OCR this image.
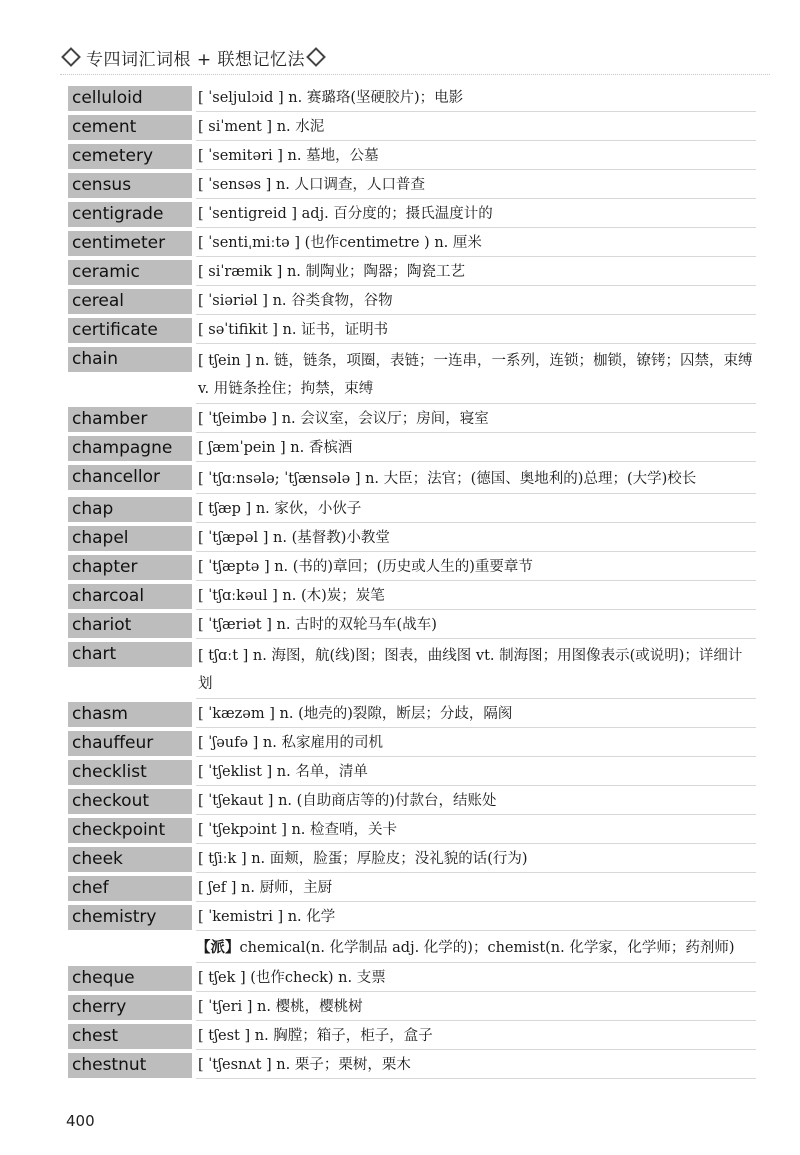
专四词汇词根 + 联想记忆法
celluloid	[ ˈseljulɔid ] n. 赛璐珞(坚硬胶片)；电影
cement	[ siˈment ] n. 水泥
cemetery	[ ˈsemitəri ] n. 墓地，公墓
census	[ ˈsensəs ] n. 人口调查，人口普查
centigrade	[ ˈsentigreid ] adj. 百分度的；摄氏温度计的
centimeter	[ ˈsentiˌmiːtə ] (也作centimetre ) n. 厘米
ceramic	[ siˈræmik ] n. 制陶业；陶器；陶瓷工艺
cereal	[ ˈsiəriəl ] n. 谷类食物，谷物
certificate	[ səˈtifikit ] n. 证书，证明书
chain	[ tʃein ] n. 链，链条，项圈，表链；一连串，一系列，连锁；枷锁，镣铐；囚禁，束缚 v. 用链条拴住；拘禁，束缚
chamber	[ ˈtʃeimbə ] n. 会议室，会议厅；房间，寝室
champagne	[ ʃæmˈpein ] n. 香槟酒
chancellor	[ ˈtʃɑːnsələ; ˈtʃænsələ ] n. 大臣；法官；(德国、奥地利的)总理；(大学)校长
chap	[ tʃæp ] n. 家伙，小伙子
chapel	[ ˈtʃæpəl ] n. (基督教)小教堂
chapter	[ ˈtʃæptə ] n. (书的)章回；(历史或人生的)重要章节
charcoal	[ ˈtʃɑːkəul ] n. (木)炭；炭笔
chariot	[ ˈtʃæriət ] n. 古时的双轮马车(战车)
chart	[ tʃɑːt ] n. 海图，航(线)图；图表，曲线图 vt. 制海图；用图像表示(或说明)；详细计划
chasm	[ ˈkæzəm ] n. (地壳的)裂隙，断层；分歧，隔阂
chauffeur	[ ˈʃəufə ] n. 私家雇用的司机
checklist	[ ˈtʃeklist ] n. 名单，清单
checkout	[ ˈtʃekaut ] n. (自助商店等的)付款台，结账处
checkpoint	[ ˈtʃekpɔint ] n. 检查哨，关卡
cheek	[ tʃiːk ] n. 面颊，脸蛋；厚脸皮；没礼貌的话(行为)
chef	[ ʃef ] n. 厨师，主厨
chemistry	[ ˈkemistri ] n. 化学
【派】chemical(n. 化学制品 adj. 化学的)；chemist(n. 化学家，化学师；药剂师)
cheque	[ tʃek ] (也作check) n. 支票
cherry	[ ˈtʃeri ] n. 樱桃，樱桃树
chest	[ tʃest ] n. 胸膛；箱子，柜子，盒子
chestnut	[ ˈtʃesnʌt ] n. 栗子；栗树，栗木
400
